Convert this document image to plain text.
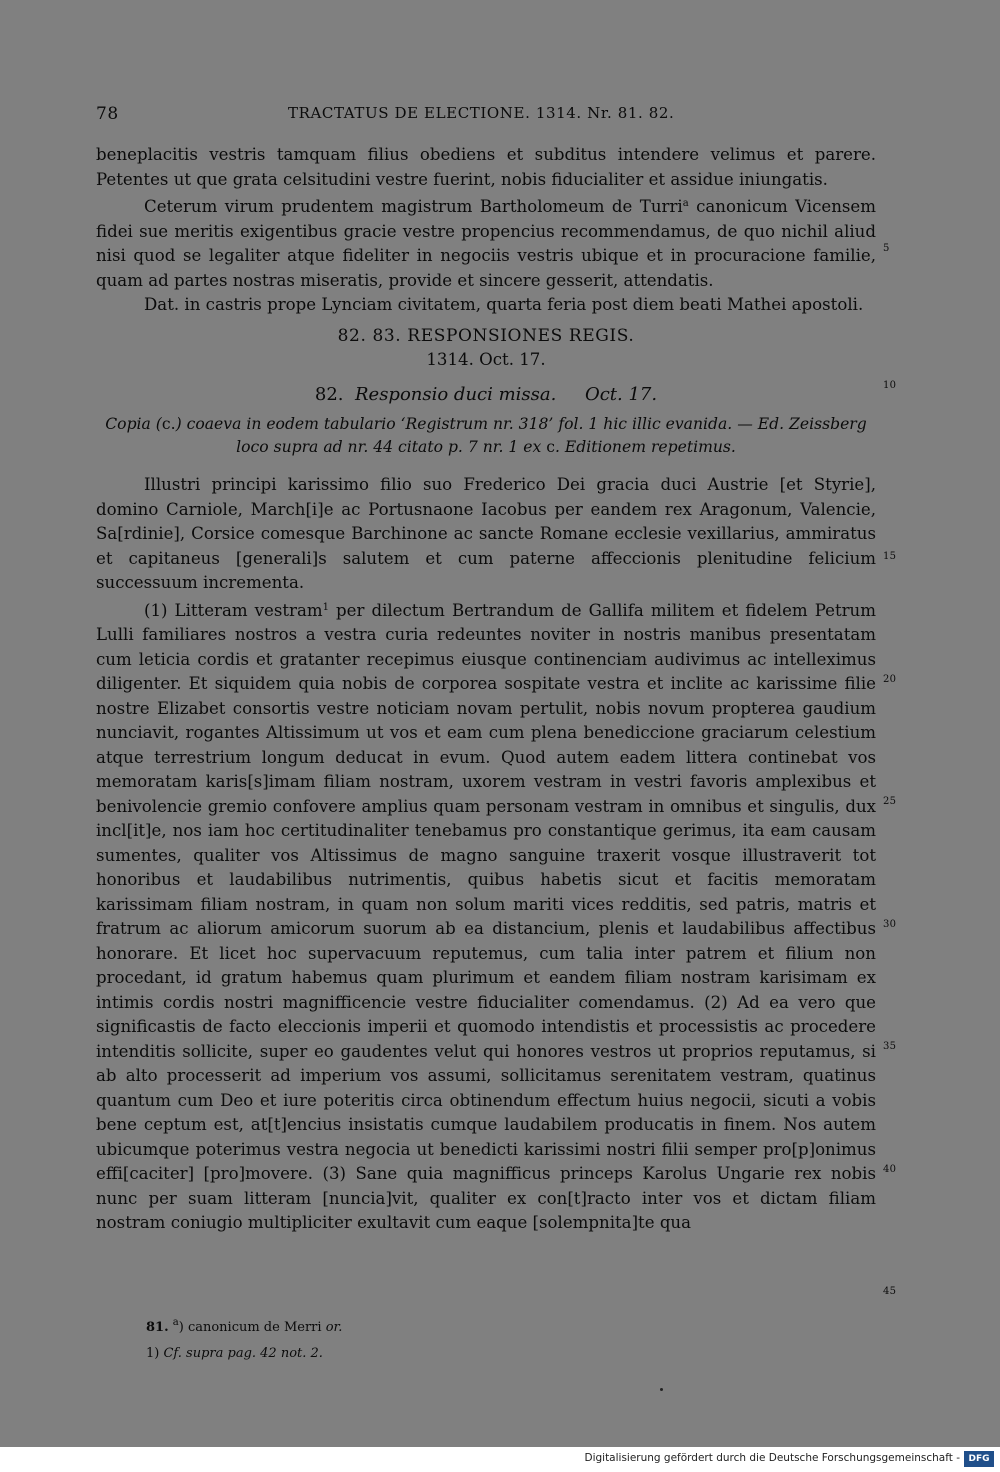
78	TRACTATUS DE ELECTIONE. 1314. Nr. 81. 82.

beneplacitis vestris tamquam filius obediens et subditus intendere velimus et parere. Petentes ut que grata celsitudini vestre fuerint, nobis fiducialiter et assidue iniungatis.

Ceterum virum prudentem magistrum Bartholomeum de Turri$^a$ canonicum Vicensem fidei sue meritis exigentibus gracie vestre propencius recommendamus, de quo nichil aliud nisi quod se legaliter atque fideliter in negociis vestris ubique et in procuracione familie, quam ad partes nostras miseratis, provide et sincere gesserit, attendatis.

Dat. in castris prope Lynciam civitatem, quarta feria post diem beati Mathei apostoli.

82. 83. RESPONSIONES REGIS.
1314. Oct. 17.
82. Responsio duci missa. Oct. 17.
Copia (c.) coaeva in eodem tabulario ‘Registrum nr. 318’ fol. 1 hic illic evanida. — Ed. Zeissberg loco supra ad nr. 44 citato p. 7 nr. 1 ex c. Editionem repetimus.

Illustri principi karissimo filio suo Frederico Dei gracia duci Austrie [et Styrie], domino Carniole, March[i]e ac Portusnaone Iacobus per eandem rex Aragonum, Valencie, Sa[rdinie], Corsice comesque Barchinone ac sancte Romane ecclesie vexillarius, ammiratus et capitaneus [generali]s salutem et cum paterne affeccionis plenitudine felicium successuum incrementa.

(1) Litteram vestram$^1$ per dilectum Bertrandum de Gallifa militem et fidelem Petrum Lulli familiares nostros a vestra curia redeuntes noviter in nostris manibus presentatam cum leticia cordis et gratanter recepimus eiusque continenciam audivimus ac intelleximus diligenter. Et siquidem quia nobis de corporea sospitate vestra et inclite ac karissime filie nostre Elizabet consortis vestre noticiam novam pertulit, nobis novum propterea gaudium nunciavit, rogantes Altissimum ut vos et eam cum plena benediccione graciarum celestium atque terrestrium longum deducat in evum. Quod autem eadem littera continebat vos memoratam karis[s]imam filiam nostram, uxorem vestram in vestri favoris amplexibus et benivolencie gremio confovere amplius quam personam vestram in omnibus et singulis, dux incl[it]e, nos iam hoc certitudinaliter tenebamus pro constantique gerimus, ita eam causam sumentes, qualiter vos Altissimus de magno sanguine traxerit vosque illustraverit tot honoribus et laudabilibus nutrimentis, quibus habetis sicut et facitis memoratam karissimam filiam nostram, in quam non solum mariti vices redditis, sed patris, matris et fratrum ac aliorum amicorum suorum ab ea distancium, plenis et laudabilibus affectibus honorare. Et licet hoc supervacuum reputemus, cum talia inter patrem et filium non procedant, id gratum habemus quam plurimum et eandem filiam nostram karisimam ex intimis cordis nostri magnifficencie vestre fiducialiter comendamus. (2) Ad ea vero que significastis de facto eleccionis imperii et quomodo intendistis et processistis ac procedere intenditis sollicite, super eo gaudentes velut qui honores vestros ut proprios reputamus, si ab alto processerit ad imperium vos assumi, sollicitamus serenitatem vestram, quatinus quantum cum Deo et iure poteritis circa obtinendum effectum huius negocii, sicuti a vobis bene ceptum est, at[t]encius insistatis cumque laudabilem producatis in finem. Nos autem ubicumque poterimus vestra negocia ut benedicti karissimi nostri filii semper pro[p]onimus effi[caciter] [pro]movere. (3) Sane quia magnifficus princeps Karolus Ungarie rex nobis nunc per suam litteram [nuncia]vit, qualiter ex con[t]racto inter vos et dictam filiam nostram coniugio multipliciter exultavit cum eaque [solempnita]te qua

5
10
15
20
25
30
35
40
45
81. $^a$) canonicum de Merri or.
1) Cf. supra pag. 42 not. 2.
Digitalisierung gefördert durch die Deutsche Forschungsgemeinschaft - DFG
